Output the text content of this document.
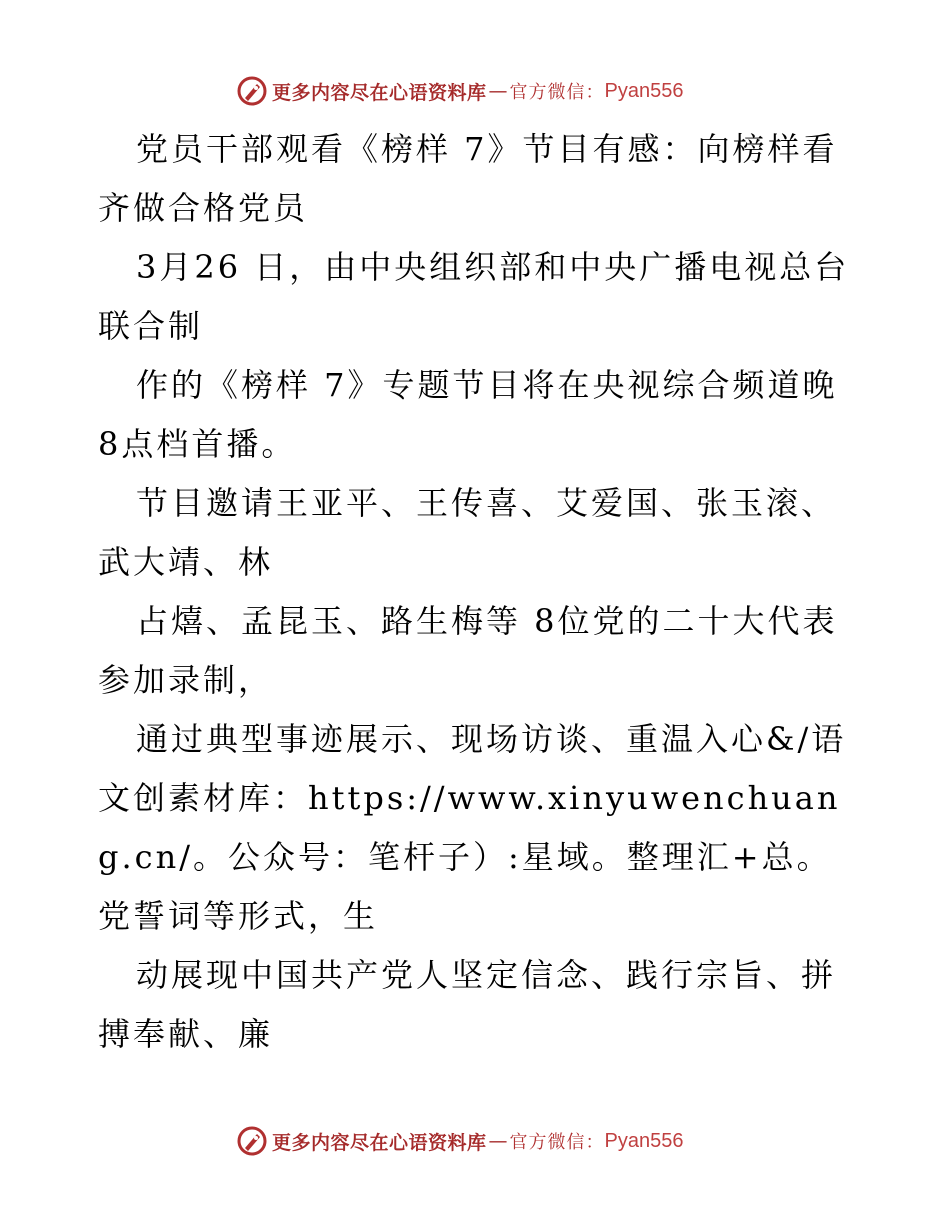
更多内容尽在心语资料库 — 官方微信： Pyan556

党员干部观看《榜样 7》节目有感：向榜样看齐做合格党员

3月26 日，由中央组织部和中央广播电视总台联合制

作的《榜样 7》专题节目将在央视综合频道晚 8点档首播。

节目邀请王亚平、王传喜、艾爱国、张玉滚、武大靖、林

占熺、孟昆玉、路生梅等 8位党的二十大代表参加录制，

通过典型事迹展示、现场访谈、重温入心&/语文创素材库：https://www.xinyuwenchuang.cn/。公众号：笔杆子）:星域。整理汇+总。党誓词等形式，生

动展现中国共产党人坚定信念、践行宗旨、拼搏奉献、廉

更多内容尽在心语资料库 — 官方微信： Pyan556
